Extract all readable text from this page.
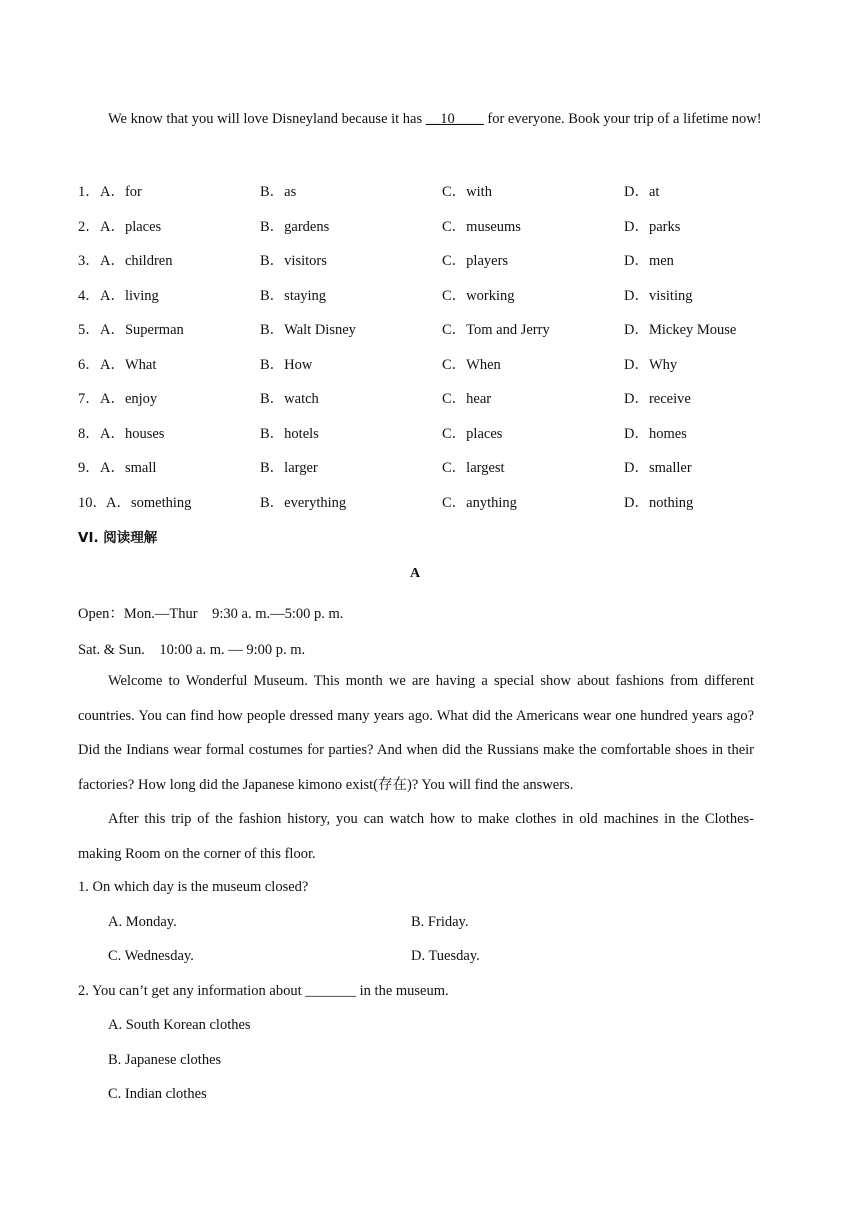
We know that you will love Disneyland because it has __10____ for everyone. Book your trip of a lifetime now!
1． A．for	B．as	C．with	D．at
2． A．places	B．gardens	C．museums	D．parks
3． A．children	B．visitors	C．players	D．men
4． A．living	B．staying	C．working	D．visiting
5． A．Superman	B．Walt Disney	C．Tom and Jerry	D．Mickey Mouse
6． A．What	B．How	C．When	D．Why
7． A．enjoy	B．watch	C．hear	D．receive
8． A．houses	B．hotels	C．places	D．homes
9． A．small	B．larger	C．largest	D．smaller
10． A．something	B．everything	C．anything	D．nothing
VI. 阅读理解
A
Open：Mon.—Thur　9:30 a. m.—5:00 p. m.
Sat. & Sun.　10:00 a. m. — 9:00 p. m.
Welcome to Wonderful Museum. This month we are having a special show about fashions from different countries. You can find how people dressed many years ago. What did the Americans wear one hundred years ago? Did the Indians wear formal costumes for parties? And when did the Russians make the comfortable shoes in their factories? How long did the Japanese kimono exist(存在)? You will find the answers.
After this trip of the fashion history, you can watch how to make clothes in old machines in the Clothes-making Room on the corner of this floor.
1. On which day is the museum closed?
A. Monday.	B. Friday.
C. Wednesday.	D. Tuesday.
2. You can’t get any information about _______ in the museum.
A. South Korean clothes
B. Japanese clothes
C. Indian clothes
